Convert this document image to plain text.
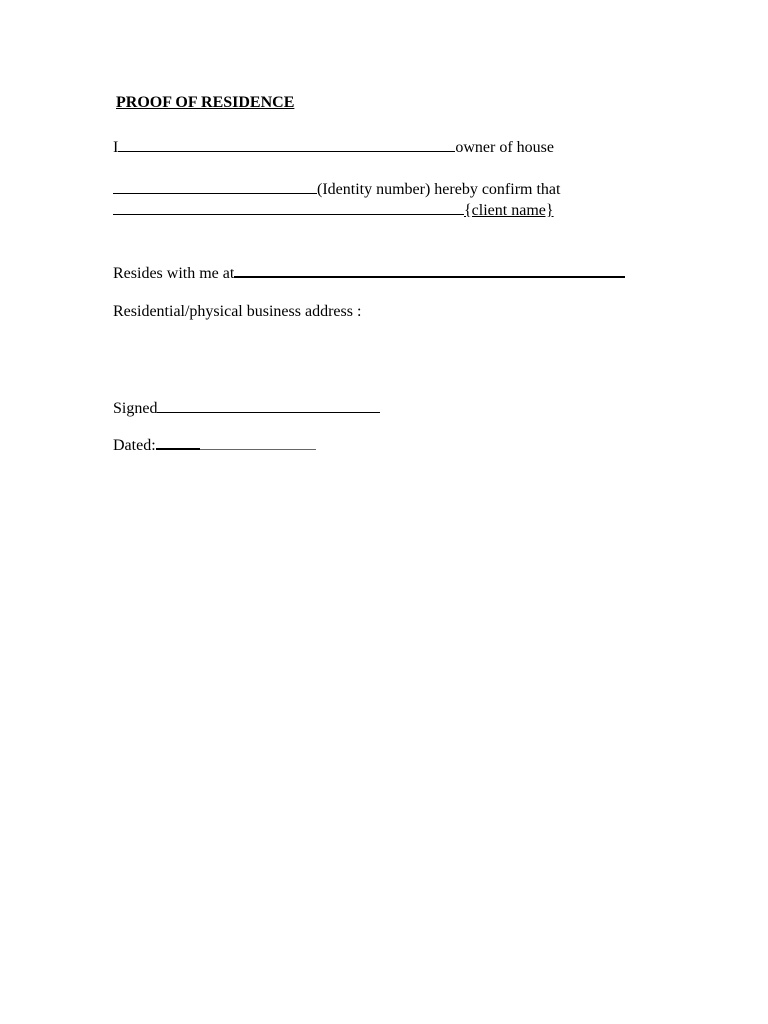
PROOF OF RESIDENCE
I	owner of house
(Identity number) hereby confirm that
{client name}
Resides with me at
Residential/physical business address :
Signed
Dated:
